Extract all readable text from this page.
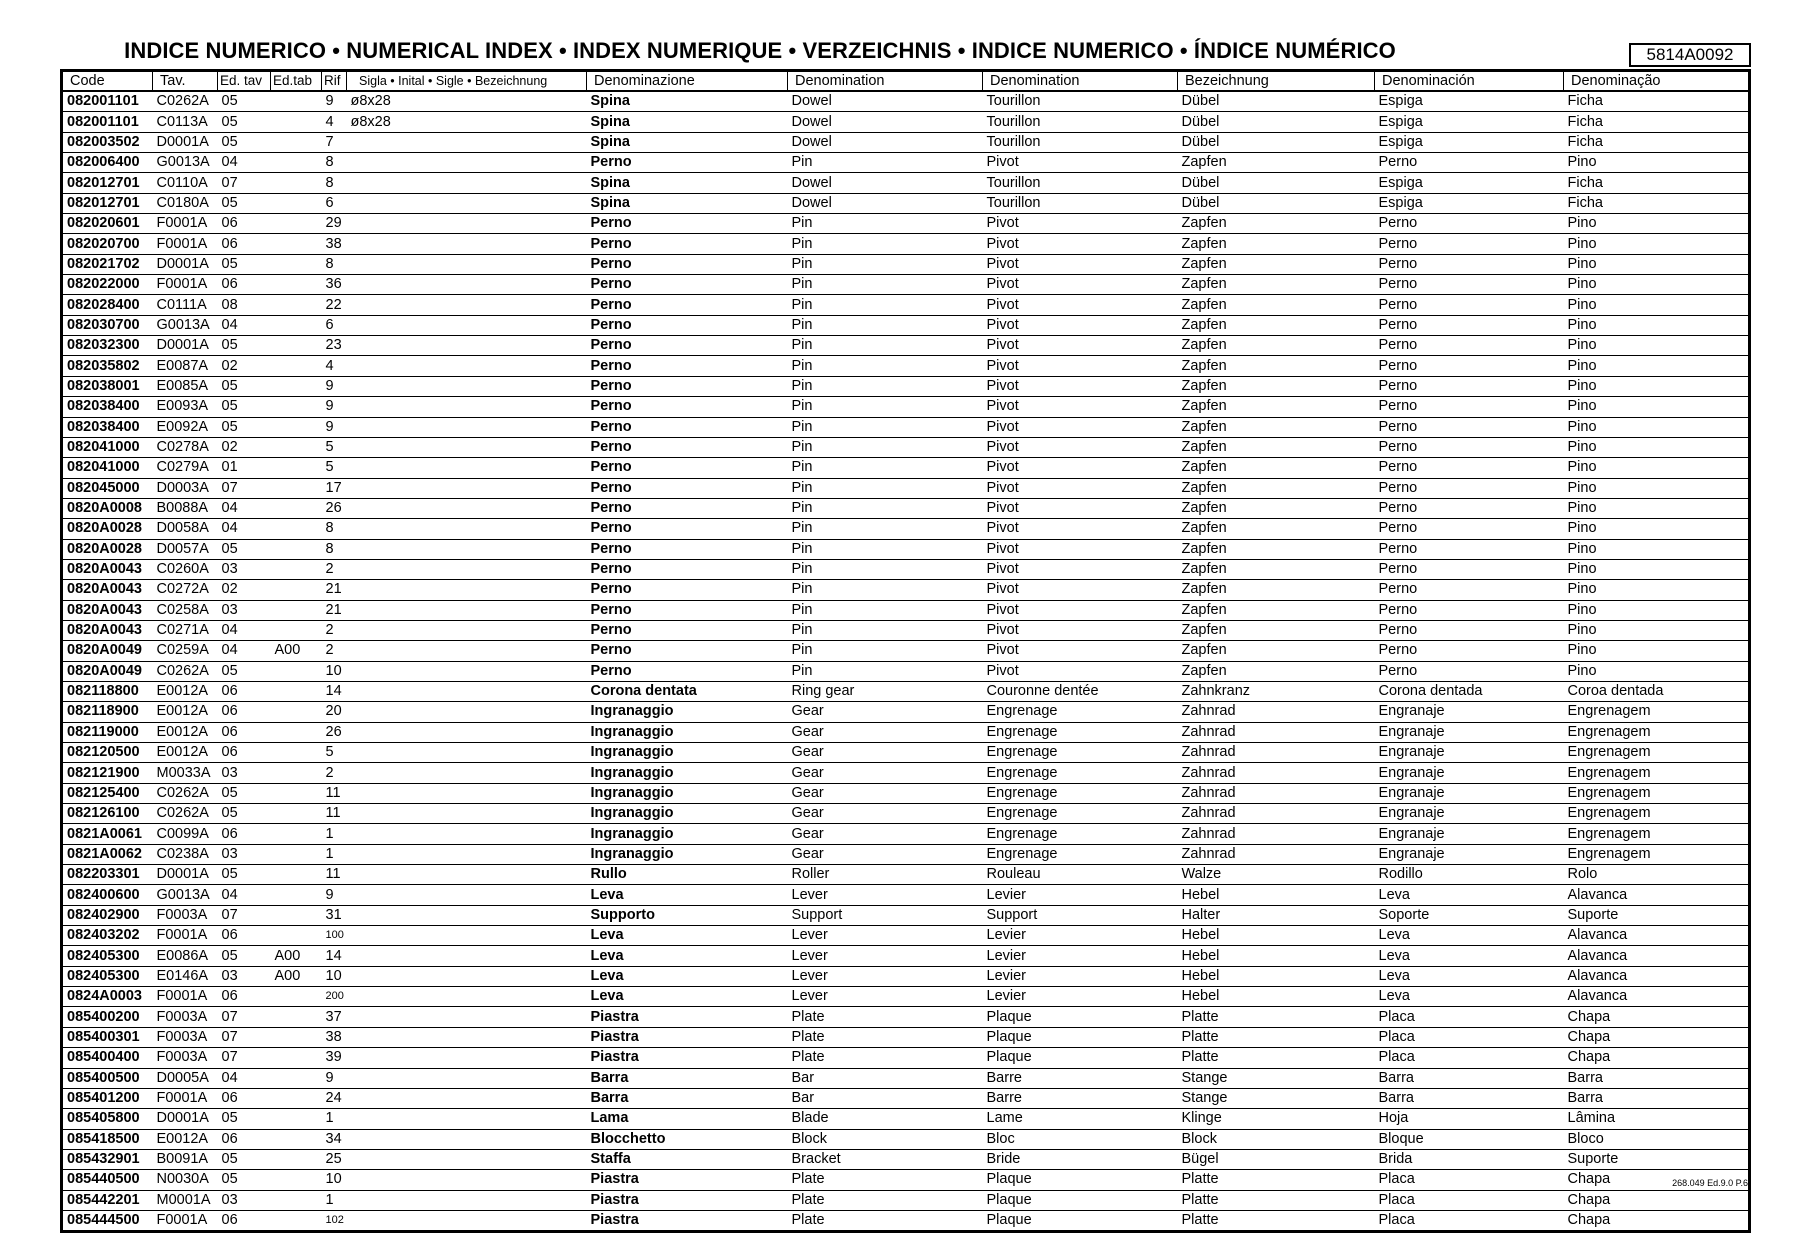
INDICE NUMERICO • NUMERICAL INDEX • INDEX NUMERIQUE • VERZEICHNIS • INDICE NUMERICO • ÍNDICE NUMÉRICO	5814A0092
Code	Tav.	Ed. tav	Ed.tab	Rif	Sigla • Inital • Sigle • Bezeichnung	Denominazione	Denomination	Denomination	Bezeichnung	Denominación	Denominação
082001101	C0262A	05		9	ø8x28	Spina	Dowel	Tourillon	Dübel	Espiga	Ficha
082001101	C0113A	05		4	ø8x28	Spina	Dowel	Tourillon	Dübel	Espiga	Ficha
082003502	D0001A	05		7		Spina	Dowel	Tourillon	Dübel	Espiga	Ficha
082006400	G0013A	04		8		Perno	Pin	Pivot	Zapfen	Perno	Pino
082012701	C0110A	07		8		Spina	Dowel	Tourillon	Dübel	Espiga	Ficha
082012701	C0180A	05		6		Spina	Dowel	Tourillon	Dübel	Espiga	Ficha
082020601	F0001A	06		29		Perno	Pin	Pivot	Zapfen	Perno	Pino
082020700	F0001A	06		38		Perno	Pin	Pivot	Zapfen	Perno	Pino
082021702	D0001A	05		8		Perno	Pin	Pivot	Zapfen	Perno	Pino
082022000	F0001A	06		36		Perno	Pin	Pivot	Zapfen	Perno	Pino
082028400	C0111A	08		22		Perno	Pin	Pivot	Zapfen	Perno	Pino
082030700	G0013A	04		6		Perno	Pin	Pivot	Zapfen	Perno	Pino
082032300	D0001A	05		23		Perno	Pin	Pivot	Zapfen	Perno	Pino
082035802	E0087A	02		4		Perno	Pin	Pivot	Zapfen	Perno	Pino
082038001	E0085A	05		9		Perno	Pin	Pivot	Zapfen	Perno	Pino
082038400	E0093A	05		9		Perno	Pin	Pivot	Zapfen	Perno	Pino
082038400	E0092A	05		9		Perno	Pin	Pivot	Zapfen	Perno	Pino
082041000	C0278A	02		5		Perno	Pin	Pivot	Zapfen	Perno	Pino
082041000	C0279A	01		5		Perno	Pin	Pivot	Zapfen	Perno	Pino
082045000	D0003A	07		17		Perno	Pin	Pivot	Zapfen	Perno	Pino
0820A0008	B0088A	04		26		Perno	Pin	Pivot	Zapfen	Perno	Pino
0820A0028	D0058A	04		8		Perno	Pin	Pivot	Zapfen	Perno	Pino
0820A0028	D0057A	05		8		Perno	Pin	Pivot	Zapfen	Perno	Pino
0820A0043	C0260A	03		2		Perno	Pin	Pivot	Zapfen	Perno	Pino
0820A0043	C0272A	02		21		Perno	Pin	Pivot	Zapfen	Perno	Pino
0820A0043	C0258A	03		21		Perno	Pin	Pivot	Zapfen	Perno	Pino
0820A0043	C0271A	04		2		Perno	Pin	Pivot	Zapfen	Perno	Pino
0820A0049	C0259A	04	A00	2		Perno	Pin	Pivot	Zapfen	Perno	Pino
0820A0049	C0262A	05		10		Perno	Pin	Pivot	Zapfen	Perno	Pino
082118800	E0012A	06		14		Corona dentata	Ring gear	Couronne dentée	Zahnkranz	Corona dentada	Coroa dentada
082118900	E0012A	06		20		Ingranaggio	Gear	Engrenage	Zahnrad	Engranaje	Engrenagem
082119000	E0012A	06		26		Ingranaggio	Gear	Engrenage	Zahnrad	Engranaje	Engrenagem
082120500	E0012A	06		5		Ingranaggio	Gear	Engrenage	Zahnrad	Engranaje	Engrenagem
082121900	M0033A	03		2		Ingranaggio	Gear	Engrenage	Zahnrad	Engranaje	Engrenagem
082125400	C0262A	05		11		Ingranaggio	Gear	Engrenage	Zahnrad	Engranaje	Engrenagem
082126100	C0262A	05		11		Ingranaggio	Gear	Engrenage	Zahnrad	Engranaje	Engrenagem
0821A0061	C0099A	06		1		Ingranaggio	Gear	Engrenage	Zahnrad	Engranaje	Engrenagem
0821A0062	C0238A	03		1		Ingranaggio	Gear	Engrenage	Zahnrad	Engranaje	Engrenagem
082203301	D0001A	05		11		Rullo	Roller	Rouleau	Walze	Rodillo	Rolo
082400600	G0013A	04		9		Leva	Lever	Levier	Hebel	Leva	Alavanca
082402900	F0003A	07		31		Supporto	Support	Support	Halter	Soporte	Suporte
082403202	F0001A	06		100		Leva	Lever	Levier	Hebel	Leva	Alavanca
082405300	E0086A	05	A00	14		Leva	Lever	Levier	Hebel	Leva	Alavanca
082405300	E0146A	03	A00	10		Leva	Lever	Levier	Hebel	Leva	Alavanca
0824A0003	F0001A	06		200		Leva	Lever	Levier	Hebel	Leva	Alavanca
085400200	F0003A	07		37		Piastra	Plate	Plaque	Platte	Placa	Chapa
085400301	F0003A	07		38		Piastra	Plate	Plaque	Platte	Placa	Chapa
085400400	F0003A	07		39		Piastra	Plate	Plaque	Platte	Placa	Chapa
085400500	D0005A	04		9		Barra	Bar	Barre	Stange	Barra	Barra
085401200	F0001A	06		24		Barra	Bar	Barre	Stange	Barra	Barra
085405800	D0001A	05		1		Lama	Blade	Lame	Klinge	Hoja	Lâmina
085418500	E0012A	06		34		Blocchetto	Block	Bloc	Block	Bloque	Bloco
085432901	B0091A	05		25		Staffa	Bracket	Bride	Bügel	Brida	Suporte
085440500	N0030A	05		10		Piastra	Plate	Plaque	Platte	Placa	Chapa
085442201	M0001A	03		1		Piastra	Plate	Plaque	Platte	Placa	Chapa
085444500	F0001A	06		102		Piastra	Plate	Plaque	Platte	Placa	Chapa
268.049 Ed.9.0 P.6
